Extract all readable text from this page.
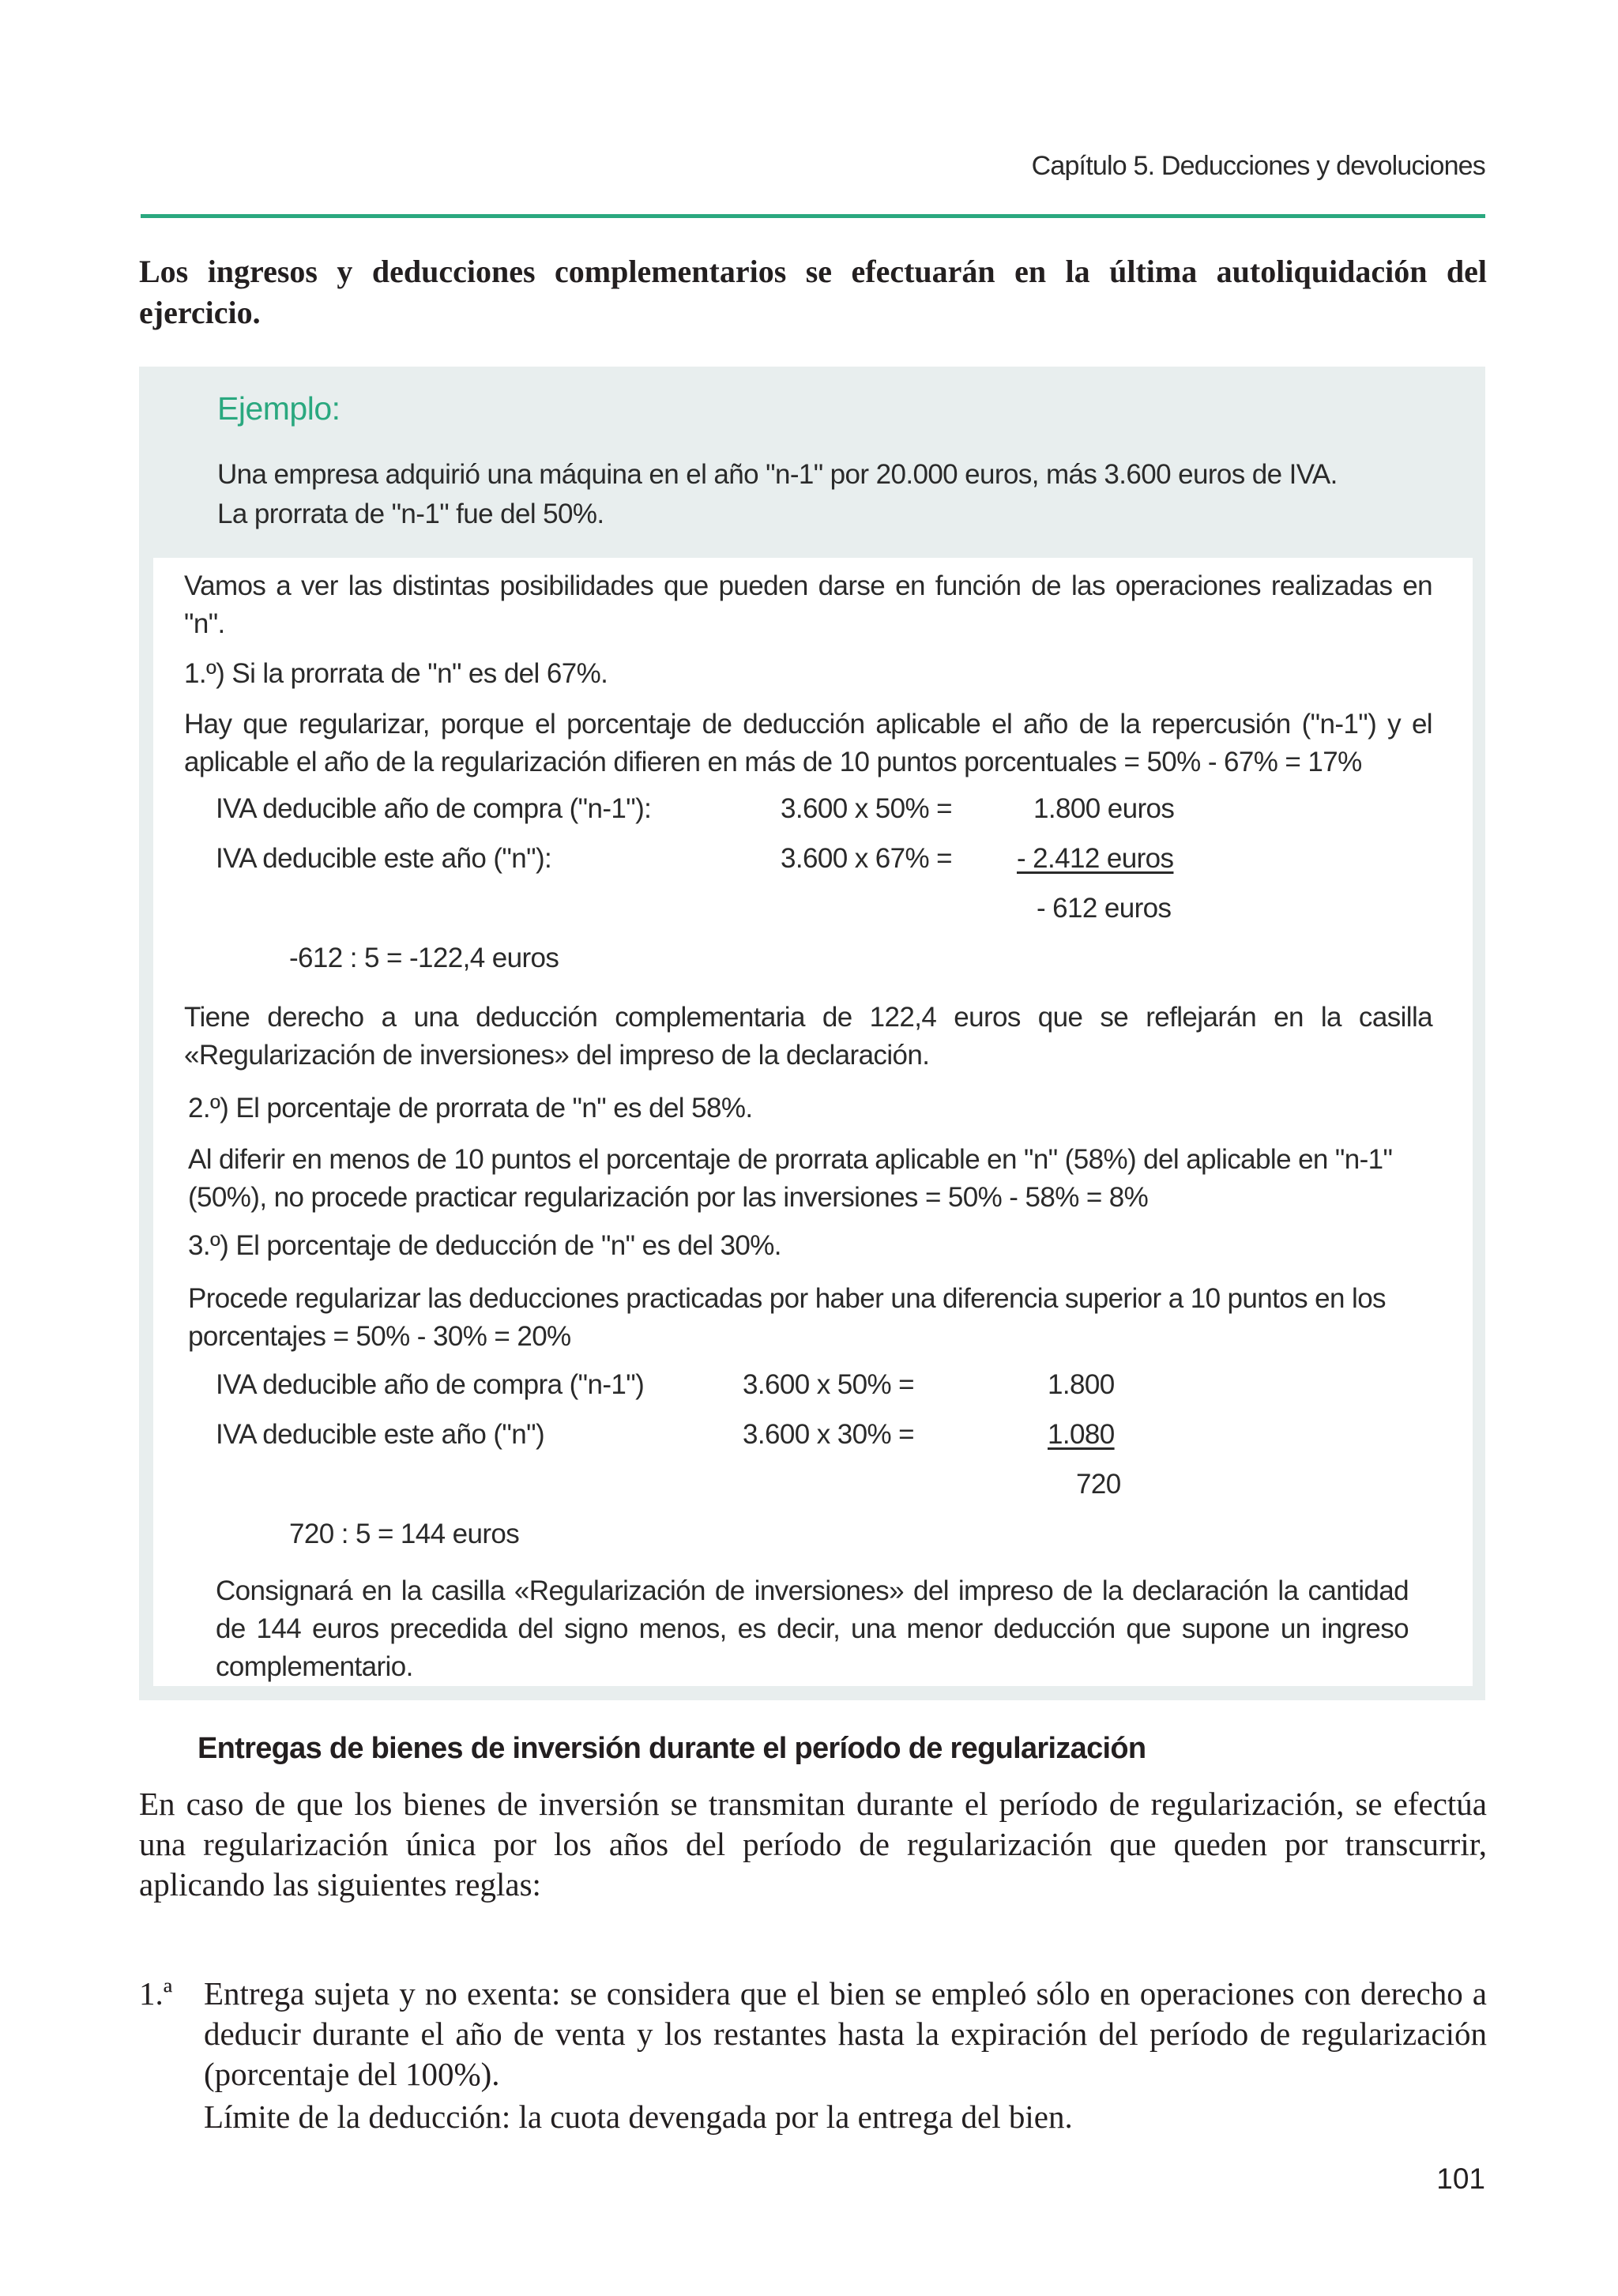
Capítulo 5. Deducciones y devoluciones
Los ingresos y deducciones complementarios se efectuarán en la última autoliquidación del ejercicio.
Ejemplo:
Una empresa adquirió una máquina en el año "n-1" por 20.000 euros, más 3.600 euros de IVA.
La prorrata de "n-1" fue del 50%.
Vamos a ver las distintas posibilidades que pueden darse en función de las operaciones realizadas en "n".
1.º) Si la prorrata de "n" es del 67%.
Hay que regularizar, porque el porcentaje de deducción aplicable el año de la repercusión ("n-1") y el aplicable el año de la regularización difieren en más de 10 puntos porcentuales = 50% - 67% = 17%
IVA deducible año de compra ("n-1"):	3.600 x 50% =	1.800 euros
IVA deducible este año ("n"):	3.600 x 67% = - 2.412 euros
- 612 euros
-612 : 5 = -122,4 euros
Tiene derecho a una deducción complementaria de 122,4 euros que se reflejarán en la casilla «Regularización de inversiones» del impreso de la declaración.
2.º) El porcentaje de prorrata de "n" es del 58%.
Al diferir en menos de 10 puntos el porcentaje de prorrata aplicable en "n" (58%) del aplicable en "n-1" (50%), no procede practicar regularización por las inversiones = 50% - 58% = 8%
3.º) El porcentaje de deducción de "n" es del 30%.
Procede regularizar las deducciones practicadas por haber una diferencia superior a 10 puntos en los porcentajes = 50% - 30% = 20%
IVA deducible año de compra ("n-1")	3.600 x 50% =	1.800
IVA deducible este año ("n")	3.600 x 30% =	1.080
720
720 : 5 = 144 euros
Consignará en la casilla «Regularización de inversiones» del impreso de la declaración la cantidad de 144 euros precedida del signo menos, es decir, una menor deducción que supone un ingreso complementario.
Entregas de bienes de inversión durante el período de regularización
En caso de que los bienes de inversión se transmitan durante el período de regularización, se efectúa una regularización única por los años del período de regularización que queden por transcurrir, aplicando las siguientes reglas:
1.ª Entrega sujeta y no exenta: se considera que el bien se empleó sólo en operaciones con derecho a deducir durante el año de venta y los restantes hasta la expiración del período de regularización (porcentaje del 100%).
Límite de la deducción: la cuota devengada por la entrega del bien.
101
